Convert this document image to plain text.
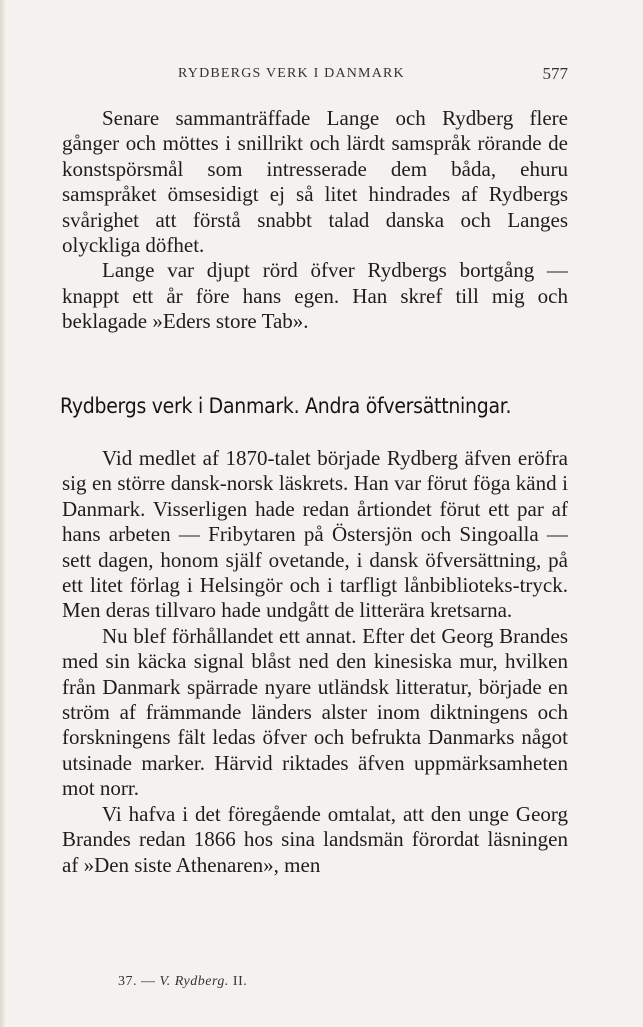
RYDBERGS VERK I DANMARK	577

Senare sammanträffade Lange och Rydberg flere gånger och möttes i snillrikt och lärdt samspråk rörande de konstspörsmål som intresserade dem båda, ehuru samspråket ömsesidigt ej så litet hindrades af Rydbergs svårighet att förstå snabbt talad danska och Langes olyckliga döfhet.

Lange var djupt rörd öfver Rydbergs bortgång — knappt ett år före hans egen. Han skref till mig och beklagade »Eders store Tab».

Rydbergs verk i Danmark. Andra öfversättningar.

Vid medlet af 1870-talet började Rydberg äfven eröfra sig en större dansk-norsk läskrets. Han var förut föga känd i Danmark. Visserligen hade redan årtiondet förut ett par af hans arbeten — Fribytaren på Östersjön och Singoalla — sett dagen, honom själf ovetande, i dansk öfversättning, på ett litet förlag i Helsingör och i tarfligt lånbiblioteks-tryck. Men deras tillvaro hade undgått de litterära kretsarna.

Nu blef förhållandet ett annat. Efter det Georg Brandes med sin käcka signal blåst ned den kinesiska mur, hvilken från Danmark spärrade nyare utländsk litteratur, började en ström af främmande länders alster inom diktningens och forskningens fält ledas öfver och befrukta Danmarks något utsinade marker. Härvid riktades äfven uppmärksamheten mot norr.

Vi hafva i det föregående omtalat, att den unge Georg Brandes redan 1866 hos sina landsmän förordat läsningen af »Den siste Athenaren», men

37. — V. Rydberg. II.
